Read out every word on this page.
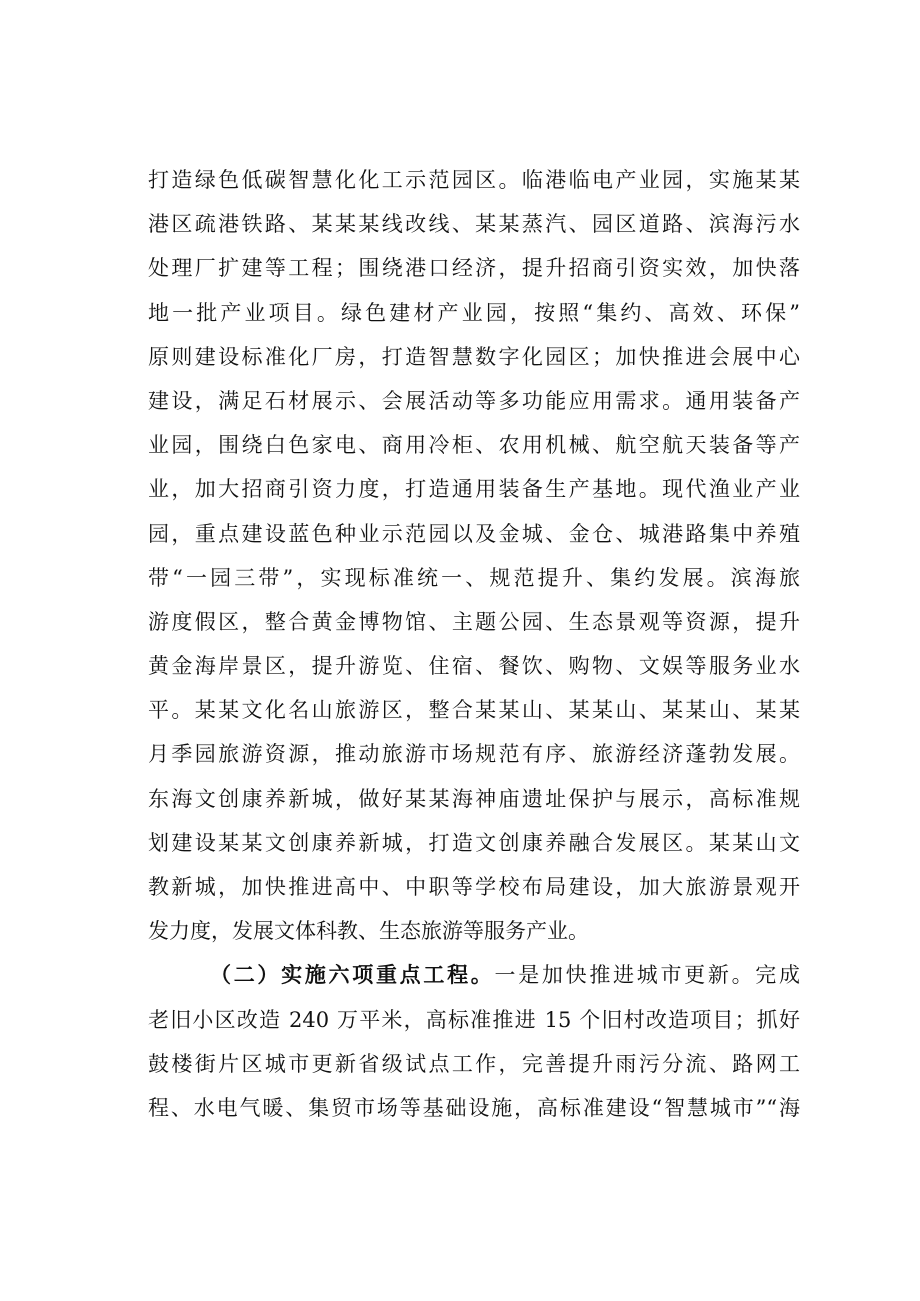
打造绿色低碳智慧化化工示范园区。临港临电产业园，实施某某
港区疏港铁路、某某某线改线、某某蒸汽、园区道路、滨海污水
处理厂扩建等工程；围绕港口经济，提升招商引资实效，加快落
地一批产业项目。绿色建材产业园，按照“集约、高效、环保”
原则建设标准化厂房，打造智慧数字化园区；加快推进会展中心
建设，满足石材展示、会展活动等多功能应用需求。通用装备产
业园，围绕白色家电、商用冷柜、农用机械、航空航天装备等产
业，加大招商引资力度，打造通用装备生产基地。现代渔业产业
园，重点建设蓝色种业示范园以及金城、金仓、城港路集中养殖
带“一园三带”，实现标准统一、规范提升、集约发展。滨海旅
游度假区，整合黄金博物馆、主题公园、生态景观等资源，提升
黄金海岸景区，提升游览、住宿、餐饮、购物、文娱等服务业水
平。某某文化名山旅游区，整合某某山、某某山、某某山、某某
月季园旅游资源，推动旅游市场规范有序、旅游经济蓬勃发展。
东海文创康养新城，做好某某海神庙遗址保护与展示，高标准规
划建设某某文创康养新城，打造文创康养融合发展区。某某山文
教新城，加快推进高中、中职等学校布局建设，加大旅游景观开
发力度，发展文体科教、生态旅游等服务产业。
（二）实施六项重点工程。一是加快推进城市更新。完成
老旧小区改造 240 万平米，高标准推进 15 个旧村改造项目；抓好
鼓楼街片区城市更新省级试点工作，完善提升雨污分流、路网工
程、水电气暖、集贸市场等基础设施，高标准建设“智慧城市”“海
